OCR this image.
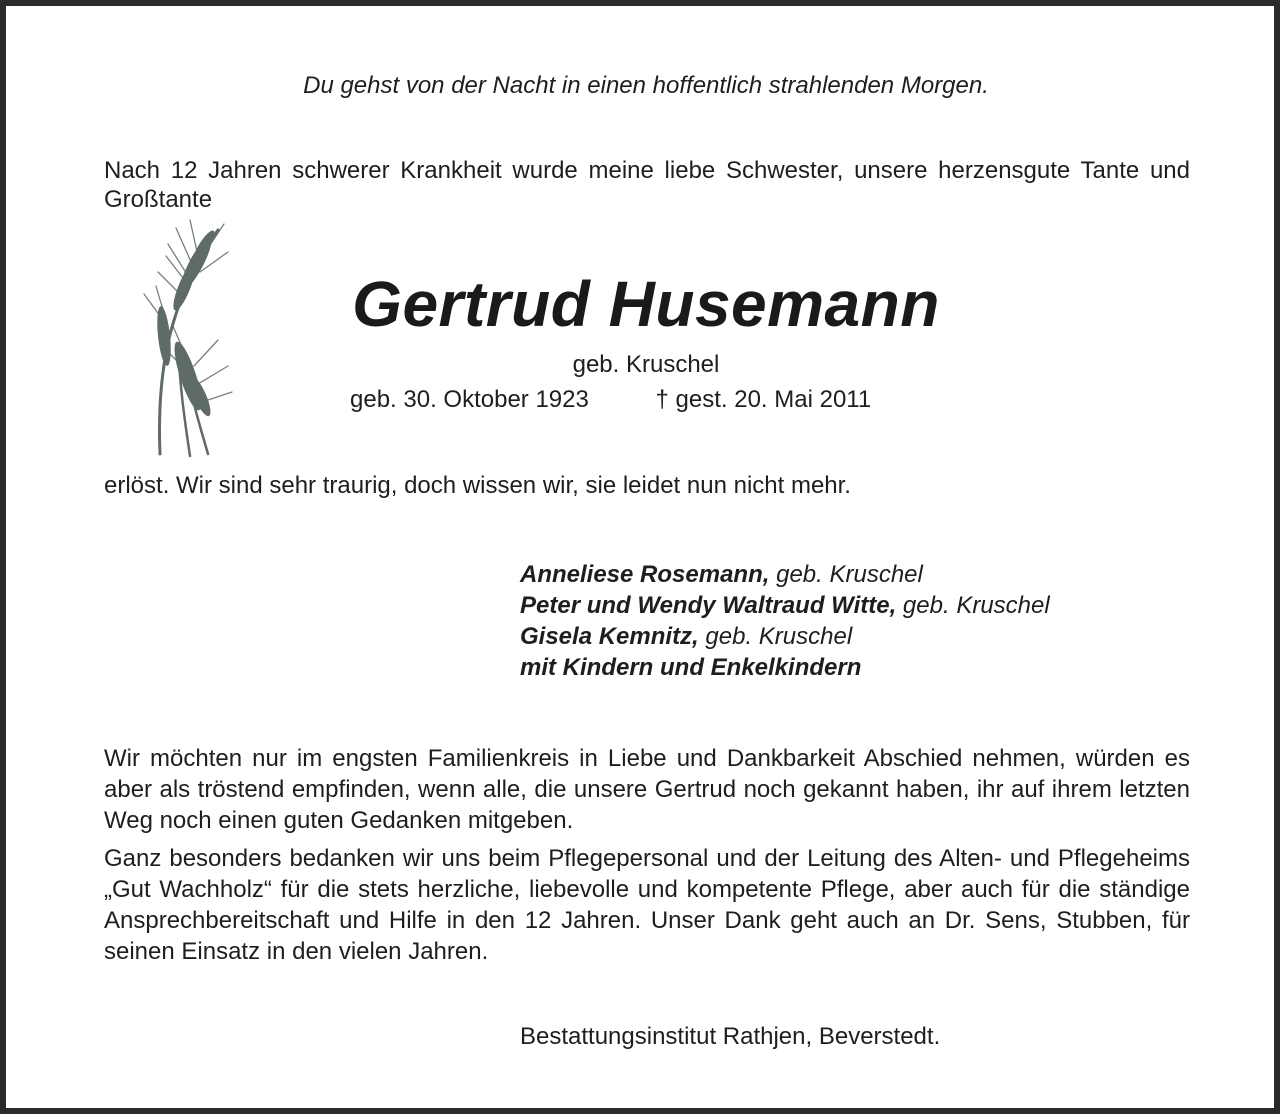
Du gehst von der Nacht in einen hoffentlich strahlenden Morgen.
Nach 12 Jahren schwerer Krankheit wurde meine liebe Schwester, unsere herzensgute Tante und Großtante
Gertrud Husemann
geb. Kruschel
geb. 30. Oktober 1923	† gest. 20. Mai 2011
erlöst. Wir sind sehr traurig, doch wissen wir, sie leidet nun nicht mehr.
Anneliese Rosemann, geb. Kruschel
Peter und Wendy Waltraud Witte, geb. Kruschel
Gisela Kemnitz, geb. Kruschel
mit Kindern und Enkelkindern
Wir möchten nur im engsten Familienkreis in Liebe und Dankbarkeit Abschied nehmen, würden es aber als tröstend empfinden, wenn alle, die unsere Gertrud noch gekannt haben, ihr auf ihrem letzten Weg noch einen guten Gedanken mitgeben.
Ganz besonders bedanken wir uns beim Pflegepersonal und der Leitung des Alten- und Pflegeheims „Gut Wachholz“ für die stets herzliche, liebevolle und kompetente Pflege, aber auch für die ständige Ansprechbereitschaft und Hilfe in den 12 Jahren. Unser Dank geht auch an Dr. Sens, Stubben, für seinen Einsatz in den vielen Jahren.
Bestattungsinstitut Rathjen, Beverstedt.
